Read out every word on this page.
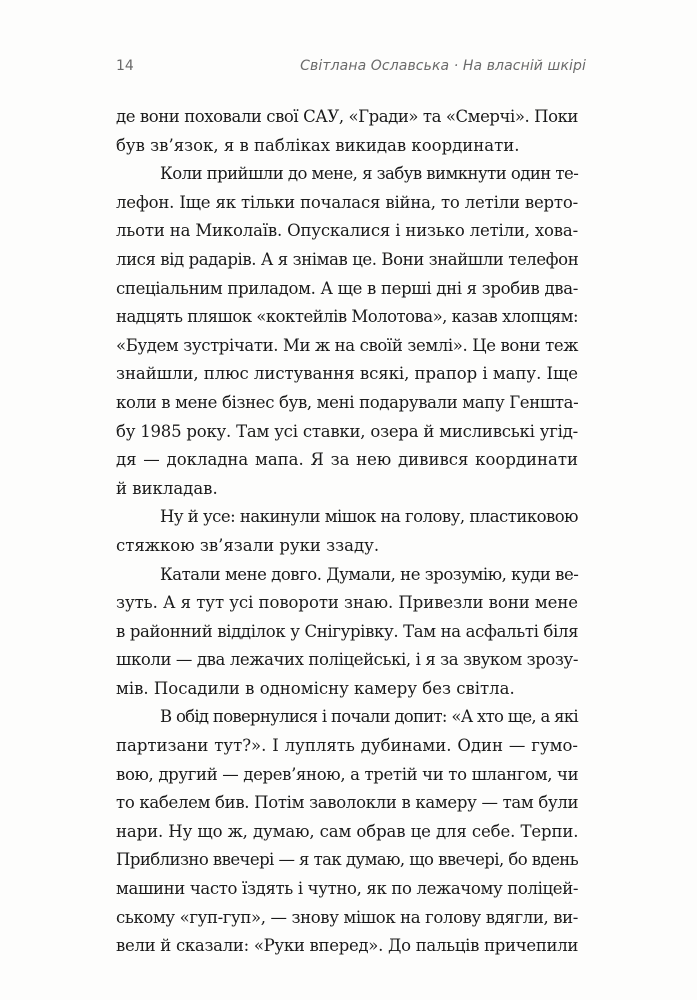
14	Світлана Ославська · На власній шкірі
де вони поховали свої САУ, «Гради» та «Смерчі». Поки
був зв’язок, я в пабліках викидав координати.
Коли прийшли до мене, я забув вимкнути один те-
лефон. Іще як тільки почалася війна, то летіли верто-
льоти на Миколаїв. Опускалися і низько летіли, хова-
лися від радарів. А я знімав це. Вони знайшли телефон
спеціальним приладом. А ще в перші дні я зробив два-
надцять пляшок «коктейлів Молотова», казав хлопцям:
«Будем зустрічати. Ми ж на своїй землі». Це вони теж
знайшли, плюс листування всякі, прапор і мапу. Іще
коли в мене бізнес був, мені подарували мапу Геншта-
бу 1985 року. Там усі ставки, озера й мисливські угід-
дя — докладна мапа. Я за нею дивився координати
й викладав.
Ну й усе: накинули мішок на голову, пластиковою
стяжкою зв’язали руки ззаду.
Катали мене довго. Думали, не зрозумію, куди ве-
зуть. А я тут усі повороти знаю. Привезли вони мене
в районний відділок у Снігурівку. Там на асфальті біля
школи — два лежачих поліцейські, і я за звуком зрозу-
мів. Посадили в одномісну камеру без світла.
В обід повернулися і почали допит: «А хто ще, а які
партизани тут?». І луплять дубинами. Один — гумо-
вою, другий — дерев’яною, а третій чи то шлангом, чи
то кабелем бив. Потім заволокли в камеру — там були
нари. Ну що ж, думаю, сам обрав це для себе. Терпи.
Приблизно ввечері — я так думаю, що ввечері, бо вдень
машини часто їздять і чутно, як по лежачому поліцей-
ському «гуп-гуп», — знову мішок на голову вдягли, ви-
вели й сказали: «Руки вперед». До пальців причепили
